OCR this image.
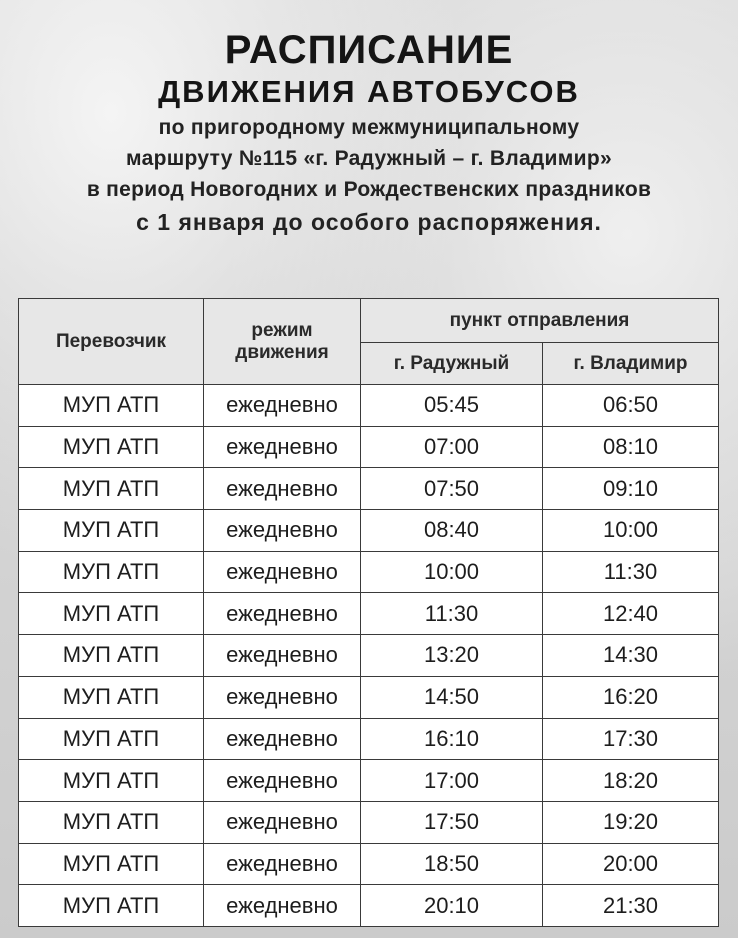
РАСПИСАНИЕ
ДВИЖЕНИЯ АВТОБУСОВ
по пригородному межмуниципальному
маршруту №115 «г. Радужный – г. Владимир»
в период Новогодних и Рождественских праздников
с 1 января до особого распоряжения.
Перевозчик	режим движения	пункт отправления	
		г. Радужный	г. Владимир
МУП АТП	ежедневно	05:45	06:50
МУП АТП	ежедневно	07:00	08:10
МУП АТП	ежедневно	07:50	09:10
МУП АТП	ежедневно	08:40	10:00
МУП АТП	ежедневно	10:00	11:30
МУП АТП	ежедневно	11:30	12:40
МУП АТП	ежедневно	13:20	14:30
МУП АТП	ежедневно	14:50	16:20
МУП АТП	ежедневно	16:10	17:30
МУП АТП	ежедневно	17:00	18:20
МУП АТП	ежедневно	17:50	19:20
МУП АТП	ежедневно	18:50	20:00
МУП АТП	ежедневно	20:10	21:30
